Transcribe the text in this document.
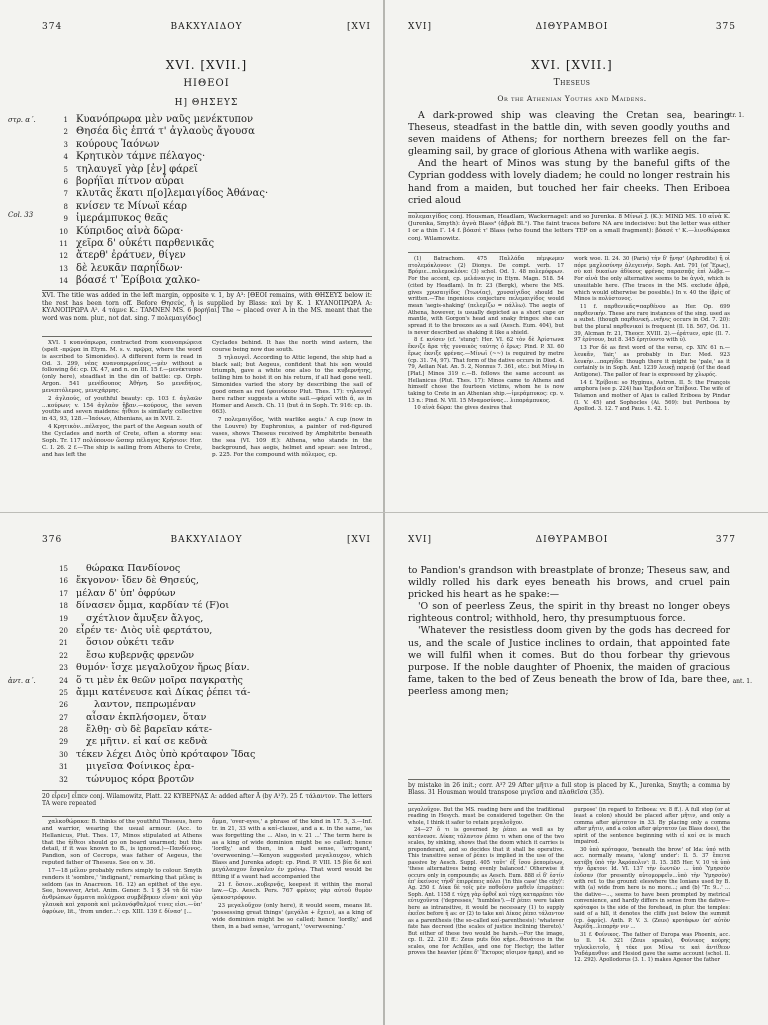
374	ΒΑΚΧΥΛΙΔΟΥ	[XVI
XVI. [XVII.]
ΗΙΘΕΟΙ
Η] ΘΗΣΕΥΣ
στρ. α΄.
Col. 33
1 Κυανόπρωρα μὲν ναῦς μενέκτυπον
2 Θησέα δὶς ἑπτά τ' ἀγλαοὺς ἄγουσα
3 κούρους Ἰαόνων
4 Κρητικὸν τάμνε πέλαγος·
5 τηλαυγεῖ γὰρ [ἐν] φάρεϊ
6 βορήϊαι πίτνον αὖραι
7 κλυτᾶς ἕκατι π[ο]λεμαιγίδος Ἀθάνας·
8 κνίσεν τε Μίνωϊ κέαρ
9 ἱμεράμπυκος θεᾶς
10 Κύπριδος αἰνὰ δῶρα·
11 χεῖρα δ' οὐκέτι παρθενικᾶς
12 ἄτερθ' ἐράτυεν, θίγεν
13 δὲ λευκᾶν παρηΐδων·
14 βόασέ τ' Ἐρίβοια χαλκο-

XVI. The title was added in the left margin, opposite v. 1, by A³: [ΘΕΟΙ remains, with ΘΗΣΕΥΣ below it: the rest has been torn off. Before Θησεύς, ἢ is supplied by Blass: καὶ by K. 1 ΚΥΑΝΟΠΡΩΡΑ A: ΚΥΑΝΟΠΡΩΡΑ A². 4 τάμνε K.: ΤΑΜΝΕΝ MS. 6 βορήϊαι] The ~ placed over A in the MS. meant that the word was nom. plur., not dat. sing. 7 πολεμαιγίδος]

XVI. 1 κυανόπρωρα, contracted from κυανοπρώρεια (spelt -πρῷρα in Etym. M. s. v. πρῷρα, where the word is ascribed to Simonides). A different form is read in Od. 3. 299, νέας κυανοπρῳρείους,—μὲν without a following δέ: cp. IX. 47, and n. on III. 15 f.—μενέκτυπον (only here), steadfast in the din of battle: cp. Orph. Argon. 541 μενέδουπος Ἀθήνη. So μενεδήιος, μενεπτόλεμος, μενεχάρμης.

2 ἀγλαούς, of youthful beauty: cp. 103 f. ἀγλαῶν ...κούρων; v. 154 ἀγλαὸν ἥβαν.—κούρους, the seven youths and seven maidens: ἠϊθεοι is similarly collective in 43, 93, 128.—Ἰαόνων, Athenians, as in XVII. 2.

4 Κρητικὸν...πέλαγος, the part of the Aegean south of the Cyclades and north of Crete, often a stormy sea: Soph. Tr. 117 πολύπονον ὥσπερ πέλαγος Κρήσιον: Hor. C. I. 26. 2 f.—The ship is sailing from Athens to Crete, and has left the

Cyclades behind. It has the north wind astern, the course being now due south.

5 τηλαυγεῖ. According to Attic legend, the ship had a black sail; but Aegeus, confident that his son would triumph, gave a white one also to the κυβερνήτης, telling him to hoist it on his return, if all had gone well. Simonides varied the story by describing the sail of good omen as red (φοινίκεον Plut. Thes. 17): τηλαυγεῖ here rather suggests a white sail.—φάρεϊ with ᾶ, as in Homer and Aesch. Ch. 11 (but ᾰ in Soph. Tr. 916: cp. ib. 663).

7 πολεμαιγίδος, 'with warlike aegis.' A cup (now in the Louvre) by Euphronius, a painter of red-figured vases, shows Theseus received by Amphitrite beneath the sea (VI. 109 ff.): Athena, who stands in the background, has aegis, helmet and spear: see Introd., p. 225. For the compound with πόλεμος, cp.

375
ΔΙΘΥΡΑΜΒΟΙ
XVI]
XVI. [XVII.]
Theseus
Or the Athenian Youths and Maidens.
str. 1.

A dark-prowed ship was cleaving the Cretan sea, bearing Theseus, steadfast in the battle din, with seven goodly youths and seven maidens of Athens; for northern breezes fell on the far-gleaming sail, by grace of glorious Athena with warlike aegis.

And the heart of Minos was stung by the baneful gifts of the Cyprian goddess with lovely diadem; he could no longer restrain his hand from a maiden, but touched her fair cheeks. Then Eriboea cried aloud

πολεμαιγίδος conj. Housman, Headlam, Wackernagel: and so Jurenka. 8 Μίνωϊ J. (K.): ΜΙΝΩ MS. 10 αἰνὰ K. (Jurenka, Smyth): ἁγνὰ Blass³ (ἁβρὰ Bl.¹). The faint traces before ΝΑ are indecisive: but the letter was either Ι or a thin Γ. 14 f. βόασέ τ' Blass (who found the letters ΤΕΡ on a small fragment): βόασέ τ' Κ.—λινοθώρακα conj. Wilamowitz.

(1) Batrachom. 475 Παλλάδα πέμψωμεν πτολεμόκλονον: (2) Dionys. De compt. verb. 17 Βρόμιε...πολεμοκλόνε: (3) schol. Od. 1. 48 πολεμόφρων. For the accent, cp. μελάναιγις in Etym. Magn. 518. 54 (cited by Headlam). In fr. 23 (Bergk), where the MS. gives χρυσαιγίδος (Ἰτωνίας), χρυσαίγιδος should be written.—The ingenious conjecture πελεμαιγίδος would mean 'aegis-shaking' (πελεμίζω = πάλλω). The aegis of Athena, however, is usually depicted as a short cape or mantle, with Gorgon's head and snaky fringes: she can spread it to the breezes as a sail (Aesch. Eum. 404), but is never described as shaking it like a shield.

8 f. κνίσεν (cf. 'stung': Her. VI. 62 τὸν δὲ Ἀρίστωνα ἔκνιζε ἄρα τῆς γυναικὸς ταύτης ὁ ἔρως: Pind. P. XI. 60 ἔρως ἐκνιξε φρένας.—Μίνωϊ (~~) is required by metre (cp. 31. 74, 97). That form of the dative occurs in Diod. 4. 79, Aelian Nat. An. 5. 2, Nonnus 7. 361, etc.: but Μίνῳ in [Plat.] Minos 319 c.—B. follows the same account as Hellanicus (Plut. Thes. 17): Minos came to Athens and himself chose the fourteen victims, whom he is now taking to Crete in an Athenian ship.—ἱμεράμπυκος: cp. v. 13 n.: Pind. N. VII. 15 Μναμοσύνας... λιπαράμπυκος.

10 αἰνὰ δῶρα: the gives desires that

work woe. Il. 24. 30 (Paris) τὴν δ' ᾔνησ' (Aphrodite) ἥ οἱ πόρε μαχλοσύνην ἀλεγεινήν. Soph. Ant. 791 (of Ἔρως), σὺ καὶ δικαίων ἀδίκους φρένας παρασπᾷς ἐπὶ λώβᾳ.—For αἰνὰ the only alternative seems to be ἁγνὰ, which is unsuitable here. (The traces in the MS. exclude ἁβρὰ, which would otherwise be possible.) In v. 40 the ἱβρὶς of Minos is πολύστονος.

11 f. παρθενικᾶς=παρθένου as Her. Op. 699 παρθενικήν. These are rare instances of the sing. used as a subst. (though παρθενική...νεῆνις occurs in Od. 7. 20): but the plural παρθενικαί is frequent (Il. 18. 567, Od. 11. 39, Alcman fr. 21, Theocr. XVIII. 2).—ἐράτυεν, epic (Il. 7. 97 ἐρύτουν, but 8. 345 ἐρητύοντο with ῡ).

13 For δὲ as first word of the verse, cp. XIV. 61 n.—λευκᾶν, 'fair,' as probably in Eur. Med. 923 λευκὴν....παρηΐδα: though there it might be 'pale,' as it certainly is in Soph. Ant. 1239 λευκῇ παρειᾷ (of the dead Antigone). The pallor of fear is expressed by χλωρός.

14 f. Ἐρίβοια: so Hyginus, Astron. II. 5: the François amphora (see p. 224) has Ἐριβοία or Ἐπίβοια. The wife of Telamon and mother of Ajax is called Eriboea by Pindar (I. V. 45) and Sophocles (Ai. 569): but Periboea by Apollod. 3. 12. 7 and Paus. 1. 42. 1.

376	ΒΑΚΧΥΛΙΔΟΥ	[XVI
ἀντ. α΄.
15 θώρακα Πανδίονος
16 ἔκγονον· ἴδεν δὲ Θησεύς,
17 μέλαν δ' ὑπ' ὀφρύων
18 δίνασεν ὄμμα, καρδίαν τέ (F)οι
19 σχέτλιον ἄμυξεν ἄλγος,
20 εἶρέν τε· Διὸς υἱὲ φερτάτου,
21 ὅσιον οὐκέτι τεᾶν
22 ἔσω κυβερνᾷς φρενῶν
23 θυμόν· ἴσχε μεγαλοῦχον ἥρως βίαν.
24 ὅ τι μὲν ἐκ θεῶν μοῖρα παγκρατὴς
25 ἄμμι κατένευσε καὶ Δίκας ῥέπει τά-
26	λαντον, πεπρωμέναν
27 αἶσαν ἐκπλήσομεν, ὅταν
28 ἔλθῃ· σὺ δὲ βαρεῖαν κάτε-
29 χε μῆτιν. εἰ καί σε κεδνὰ
30 τέκεν λέχει Διὸς ὑπὸ κρόταφον Ἴδας
31 μιγεῖσα Φοίνικος ἐρα-
32 τώνυμος κόρα βροτῶν
20 εἶρεν] εἶπεν conj. Wilamowitz, Platt. 22 ΚΥΒΕΡΝᾼΣ A: added after Ā (by A¹?). 25 f. τάλαντον. The letters TA were repeated

χαλκοθώρακα: B. thinks of the youthful Theseus, hero and warrior, wearing the usual armour. (Acc. to Hellanicus, Plut. Thes. 17, Minos stipulated at Athens that the ἠϊθεοι should go on board unarmed; but this detail, if it was known to B., is ignored.)—Πανδίονος. Pandion, son of Cecrops, was father of Aegeus, the reputed father of Theseus. See on v. 36.

17—18 μέλαν probably refers simply to colour. Smyth renders it 'sombre,' 'indignant,' remarking that μέλας is seldom (as in Anacreon. 16. 12) an epithet of the eye. See, however, Arist. Anim. Gener. 5. 1 § 34 τὰ δὲ τῶν ἀνθρώπων ὄμματα πολύχροα συμβέβηκεν εἶναι· καὶ γὰρ γλαυκὰ καὶ χαροπὰ καὶ μελανόφθαλμοί τινες εἰσι.—ὑπ' ὀφρύων, lit., 'from under...': cp. XIII. 139 f. δίνασ' [...

ὄμμα, 'over-eyes,' a phrase of the kind in 17. 5, 3.—Inf. tr. in 21, 33 with a καί-clause, and a κ. in the same, 'as was forgetting the ... Also, in v. 21 ...' The term here is as a king of wide dominion might be so called; hence 'lordly,' and then, in a bad sense, 'arrogant,' 'overweening.'—Kenyon suggested μεγαλαυχον, which Blass and Jurenka adopt: cp. Pind. P. VIII. 15 βία δὲ καὶ μεγάλαυχον ἔσφαλεν ἐν χρόνῳ. That word would be fitting if a vaunt had accompanied the

21 f. ὅσιον...κυβερνᾷς, keepest it within the moral law.—Cp. Aesch. Pers. 767 φρένες γὰρ αὐτοῦ θυμὸν ᾠακοστρόφουν.

23 μεγαλοῦχον (only here), it would seem, means lit. 'possessing great things' (μεγάλα + ἔχειν), as a king of wide dominion might be so called; hence 'lordly,' and then, in a bad sense, 'arrogant,' 'overweening.'

377
ΔΙΘΥΡΑΜΒΟΙ
XVI]
ant. 1.

to Pandion's grandson with breastplate of bronze; Theseus saw, and wildly rolled his dark eyes beneath his brows, and cruel pain pricked his heart as he spake:—

'O son of peerless Zeus, the spirit in thy breast no longer obeys righteous control; withhold, hero, thy presumptuous force.

'Whatever the resistless doom given by the gods has decreed for us, and the scale of Justice inclines to ordain, that appointed fate we will fulfil when it comes. But do thou forbear thy grievous purpose. If the noble daughter of Phoenix, the maiden of gracious fame, taken to the bed of Zeus beneath the brow of Ida, bare thee, peerless among men;

by mistake in 26 init.; corr. A³? 29 After μῆτιν a full stop is placed by K., Jurenka, Smyth; a comma by Blass. 31 Housman would transpose μιγεῖσα and πλαθεῖσα (35).

μεγαλοῦχον. But the MS. reading here and the traditional reading in Hesych. must be considered together. On the whole, I think it safer to retain μεγαλοῦχον.

24—27 ὅ τι is governed by ῥέπει as well as by κατένευσε. Δίκας τάλαντον ῥέπει τι when one of the two scales, by sinking, shows that the doom which it carries is preponderant, and so decides that it shall be operative. This transitive sense of ῥέπει is implied in the use of the passive by Aesch. Suppl. 405 ταῦτ' ἐξ ἴσου ῥεπομένων, 'these alternatives being evenly balanced.' Otherwise it occurs only in compounds; as Aesch. Eum. 888 εἰ δ' ἐστίν ἐπ' ἐκείνοις τήνδ' ἐπιρρέπεις πόλει ('in this case' the city)': Ag. 250 f. Δίκα δὲ τοῖς μὲν παθοῦσιν μαθεῖν ἐπιρρέπει: Soph. Ant. 1158 f. τύχη γὰρ ὀρθοῖ καὶ τύχη καταρρέπει τὸν εὐτυχοῦντα ('depresses,' 'humbles').—If ῥέπει were taken here as intransitive, it would be necessary (1) to supply ἐκεῖσε before ἢ as: or (2) to take καὶ Δίκας ῥέπει τάλαντον as a parenthesis (the so-called καί-parenthesis): 'whatever fate has decreed (the scales of justice inclining thereto).' But either of these two would be harsh.—For the image, cp. Il. 22. 210 ff.: Zeus puts δύο κῆρε...θανάτοιο in the scales, one for Achilles, and one for Hector; the latter proves the heavier (ῥέπε δ' Ἕκτορος αἴσιμον ἦμαρ), and so

purpose' (in regard to Eriboea: vv. 8 ff.). A full stop (or at least a colon) should be placed after μῆτιν, and only a comma after φέρτατον in 33. By placing only a comma after μῆτιν, and a colon after φέρτατον (as Blass does), the spirit of the sentence beginning with εἰ καί σε is much impaired.

30 ὑπὸ κρόταφον, 'beneath the brow' of Ida: ὑπό with acc. normally means, 'along' under': Il. 5. 37 ἔπειτα κατέβη ὑπὸ τὴν Ἀκρόπολιν': Il. 15. 385 Her. V. 10 τὰ ὑπὸ τὴν ἄρκτον: Id. VI. 137 τὴν ἑωυτῶν ... ὑπὸ Ὑμησσὸν ἐοῦσαν (for presently αὐτομορφεῖν...ὑπὸ τὴν Ὑμησσὸν) with ref. to the ground: eleswhere the Ionians used by B. with (a) wide from here is no more...; and (b) 'Tr. 9...' ... the dative—..., seems to have been prompted by metrical convenience, and hardly differs in sense from the dative—κρόταφοι is the side of the forehead, in plur. the temples: said of a hill, it denotes the cliffs just below the summit (cp. ὀφρύς). Anth. P. V. 3. (Zeus) κροτάφων ὑπ' αὐτὸν Ἀκρίδη...λιπαρὴν νιν ...

31 f. Φοίνικος. The father of Europa was Phoenix, acc. to Il. 14. 321 (Zeus speaks), Φοίνικος κούρης τηλεκλειτοῖο, ἡ τέκε μοι Μίνω τε καὶ ἀντίθεον Ῥαδάμανθυν: and Hesiod gave the same account (schol. Il. 12. 292). Apollodorus (3. 1. 1) makes Agenor the father
